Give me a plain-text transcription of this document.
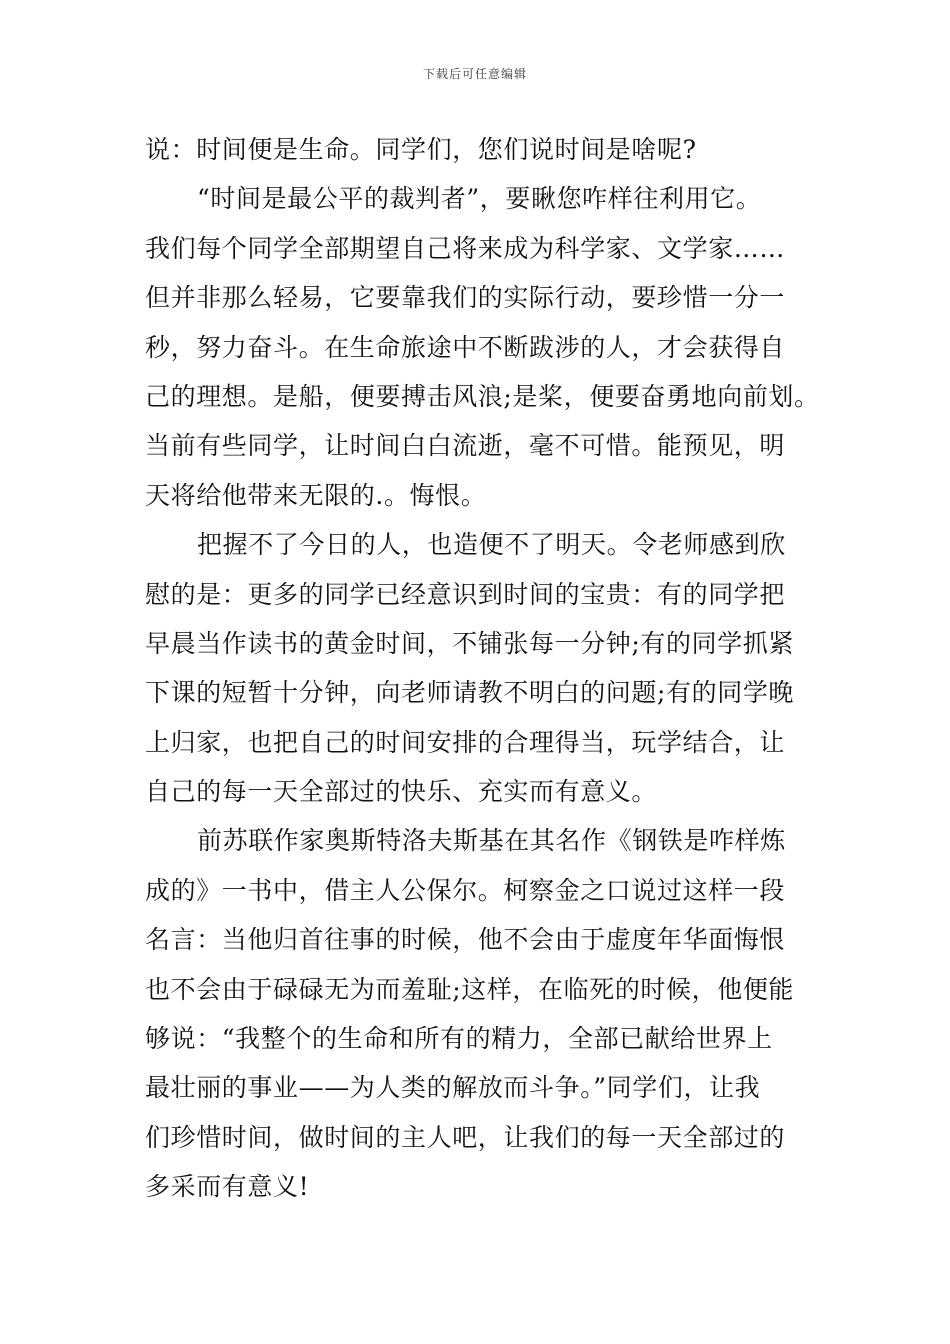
下载后可任意编辑
说：时间便是生命。同学们，您们说时间是啥呢?
“时间是最公平的裁判者”，要瞅您咋样往利用它。
我们每个同学全部期望自己将来成为科学家、文学家……
但并非那么轻易，它要靠我们的实际行动，要珍惜一分一
秒，努力奋斗。在生命旅途中不断跋涉的人，才会获得自
己的理想。是船，便要搏击风浪;是桨，便要奋勇地向前划。
当前有些同学，让时间白白流逝，毫不可惜。能预见，明
天将给他带来无限的.。悔恨。
把握不了今日的人，也造便不了明天。令老师感到欣
慰的是：更多的同学已经意识到时间的宝贵：有的同学把
早晨当作读书的黄金时间，不铺张每一分钟;有的同学抓紧
下课的短暂十分钟，向老师请教不明白的问题;有的同学晚
上归家，也把自己的时间安排的合理得当，玩学结合，让
自己的每一天全部过的快乐、充实而有意义。
前苏联作家奥斯特洛夫斯基在其名作《钢铁是咋样炼
成的》一书中，借主人公保尔。柯察金之口说过这样一段
名言：当他归首往事的时候，他不会由于虚度年华面悔恨
也不会由于碌碌无为而羞耻;这样，在临死的时候，他便能
够说：“我整个的生命和所有的精力，全部已献给世界上
最壮丽的事业——为人类的解放而斗争。”同学们，让我
们珍惜时间，做时间的主人吧，让我们的每一天全部过的
多采而有意义!
